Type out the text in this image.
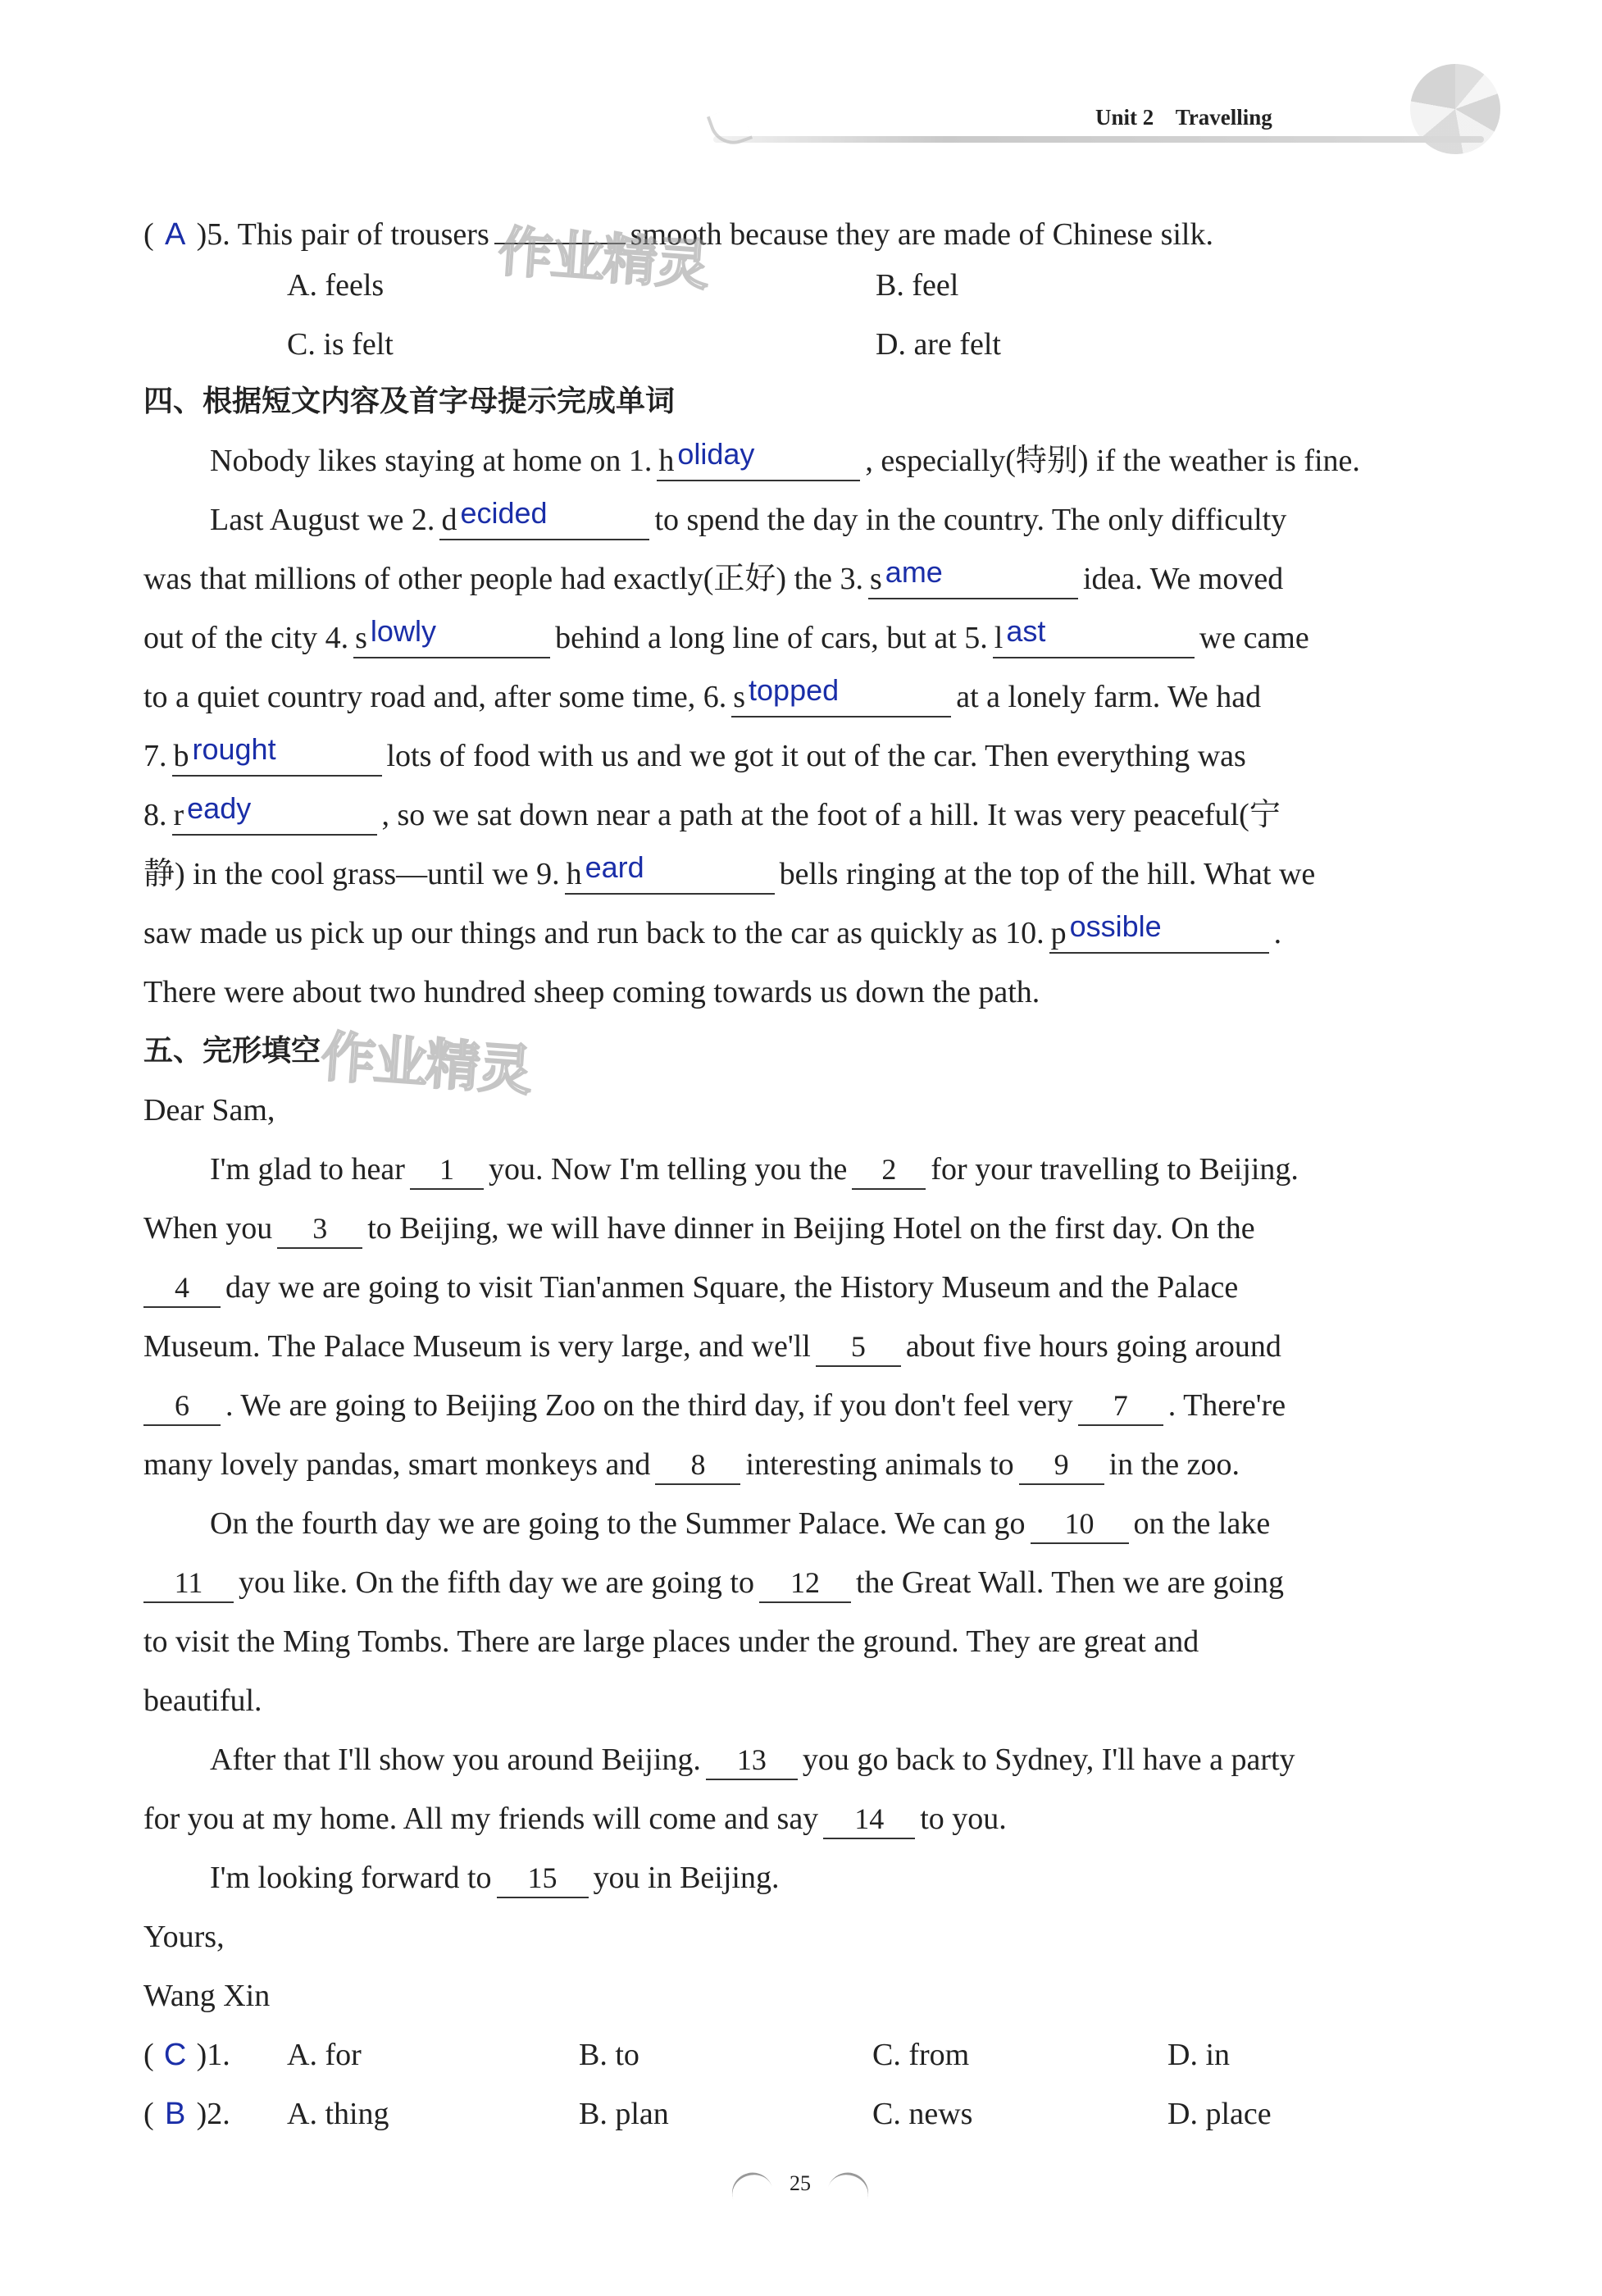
Unit 2 Travelling
( A )5. This pair of trousers	smooth because they are made of Chinese silk.
作业精灵
A. feels	B. feel
C. is felt	D. are felt
四、根据短文内容及首字母提示完成单词
Nobody likes staying at home on 1. h oliday	, especially(特别) if the weather is fine.
Last August we 2. d ecided	to spend the day in the country. The only difficulty
was that millions of other people had exactly(正好) the 3. s ame	idea. We moved
out of the city 4. s lowly	behind a long line of cars, but at 5. l ast	we came
to a quiet country road and, after some time, 6. s topped	at a lonely farm. We had
7. b rought	lots of food with us and we got it out of the car. Then everything was
8. r eady	, so we sat down near a path at the foot of a hill. It was very peaceful(宁
静) in the cool grass—until we 9. h eard	bells ringing at the top of the hill. What we
saw made us pick up our things and run back to the car as quickly as 10. p ossible	.
There were about two hundred sheep coming towards us down the path.
五、完形填空
作业精灵
Dear Sam,
I'm glad to hear 1 you. Now I'm telling you the 2 for your travelling to Beijing.
When you 3 to Beijing, we will have dinner in Beijing Hotel on the first day. On the
4 day we are going to visit Tian'anmen Square, the History Museum and the Palace
Museum. The Palace Museum is very large, and we'll 5 about five hours going around
6 . We are going to Beijing Zoo on the third day, if you don't feel very 7 . There're
many lovely pandas, smart monkeys and 8 interesting animals to 9 in the zoo.
On the fourth day we are going to the Summer Palace. We can go 10 on the lake
11 you like. On the fifth day we are going to 12 the Great Wall. Then we are going
to visit the Ming Tombs. There are large places under the ground. They are great and
beautiful.
After that I'll show you around Beijing. 13 you go back to Sydney, I'll have a party
for you at my home. All my friends will come and say 14 to you.
I'm looking forward to 15 you in Beijing.
Yours,
Wang Xin
( C )1. A. for	B. to	C. from	D. in
( B )2. A. thing	B. plan	C. news	D. place
25
